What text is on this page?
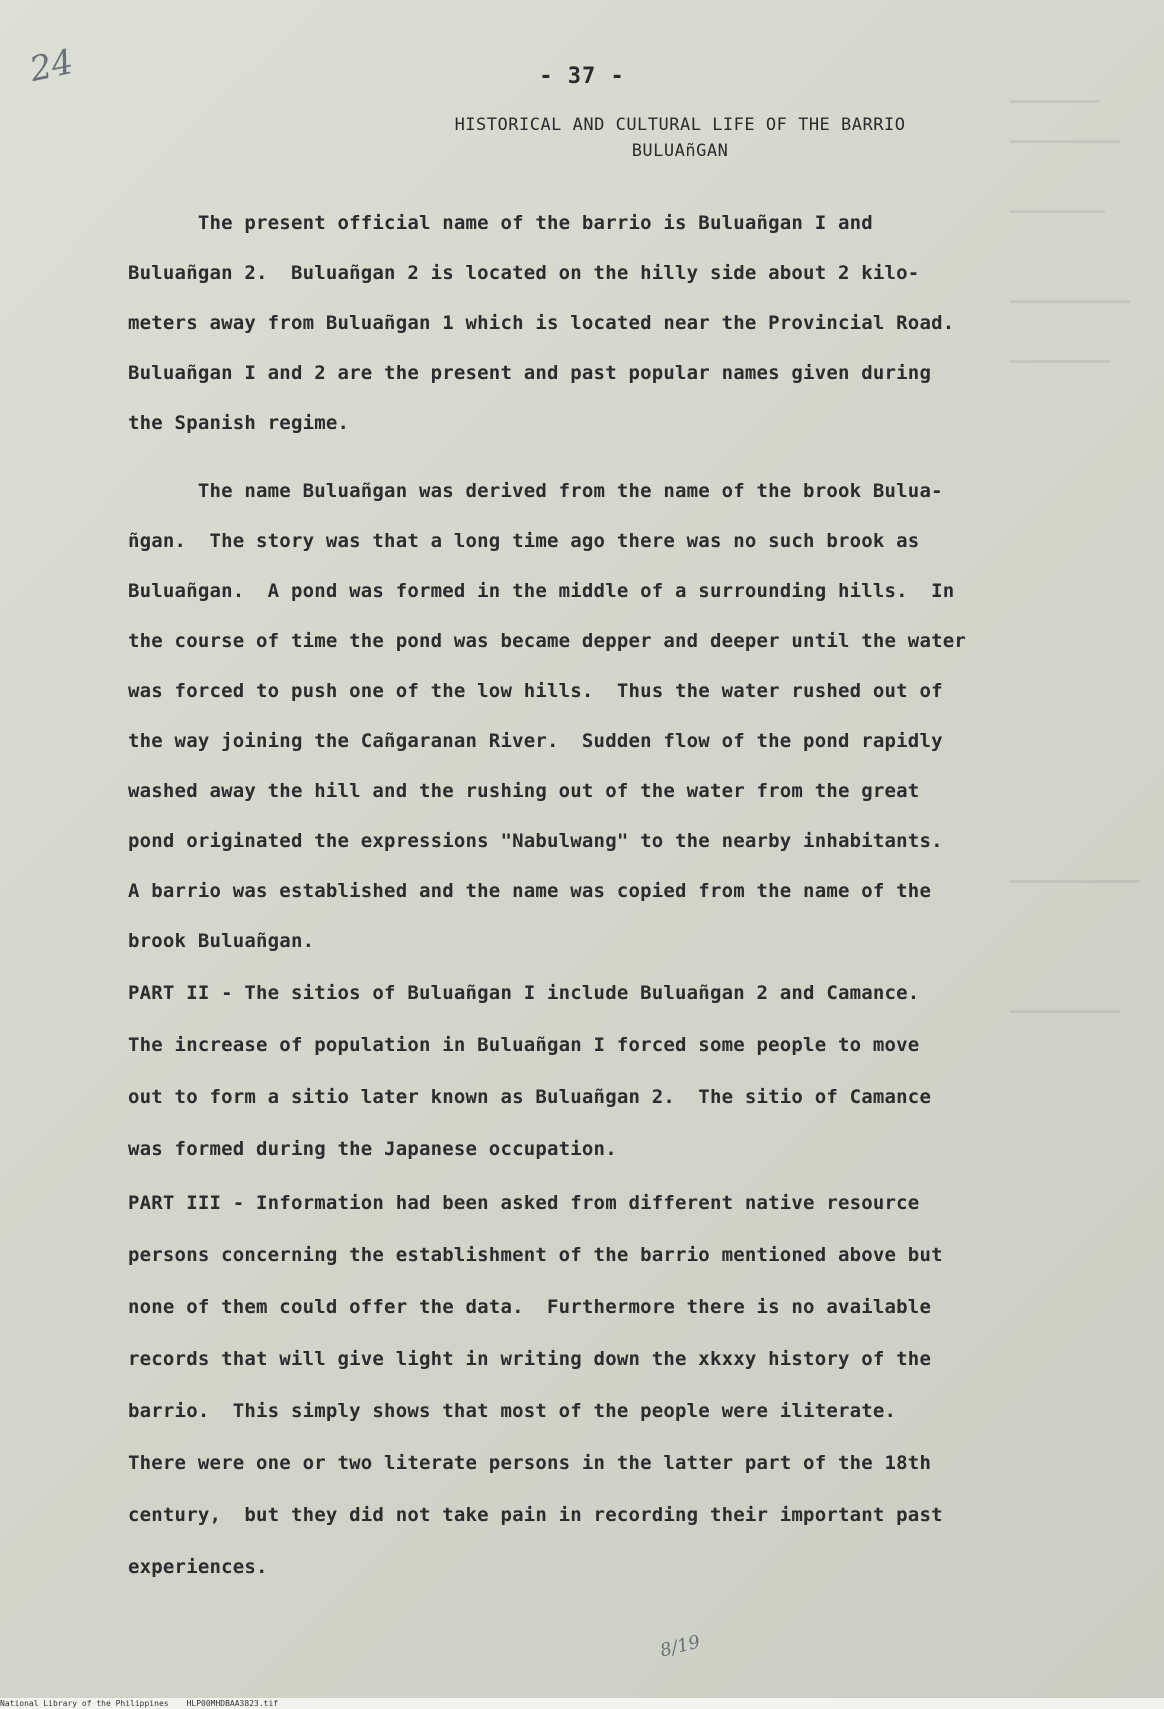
24	- 37 -
HISTORICAL AND CULTURAL LIFE OF THE BARRIO
BULUAñGAN
The present official name of the barrio is Buluañgan I and
Buluañgan 2.  Buluañgan 2 is located on the hilly side about 2 kilo-
meters away from Buluañgan 1 which is located near the Provincial Road.
Buluañgan I and 2 are the present and past popular names given during
the Spanish regime.
The name Buluañgan was derived from the name of the brook Bulua-
ñgan.  The story was that a long time ago there was no such brook as
Buluañgan.  A pond was formed in the middle of a surrounding hills.  In
the course of time the pond was became depper and deeper until the water
was forced to push one of the low hills.  Thus the water rushed out of
the way joining the Cañgaranan River.  Sudden flow of the pond rapidly
washed away the hill and the rushing out of the water from the great
pond originated the expressions "Nabulwang" to the nearby inhabitants.
A barrio was established and the name was copied from the name of the
brook Buluañgan.
PART II - The sitios of Buluañgan I include Buluañgan 2 and Camance.
The increase of population in Buluañgan I forced some people to move
out to form a sitio later known as Buluañgan 2.  The sitio of Camance
was formed during the Japanese occupation.
PART III - Information had been asked from different native resource
persons concerning the establishment of the barrio mentioned above but
none of them could offer the data.  Furthermore there is no available
records that will give light in writing down the xkxxy history of the
barrio.  This simply shows that most of the people were iliterate.
There were one or two literate persons in the latter part of the 18th
century,  but they did not take pain in recording their important past
experiences.
8/19
National Library of the Philippines HLP00MHDBAA3823.tif
